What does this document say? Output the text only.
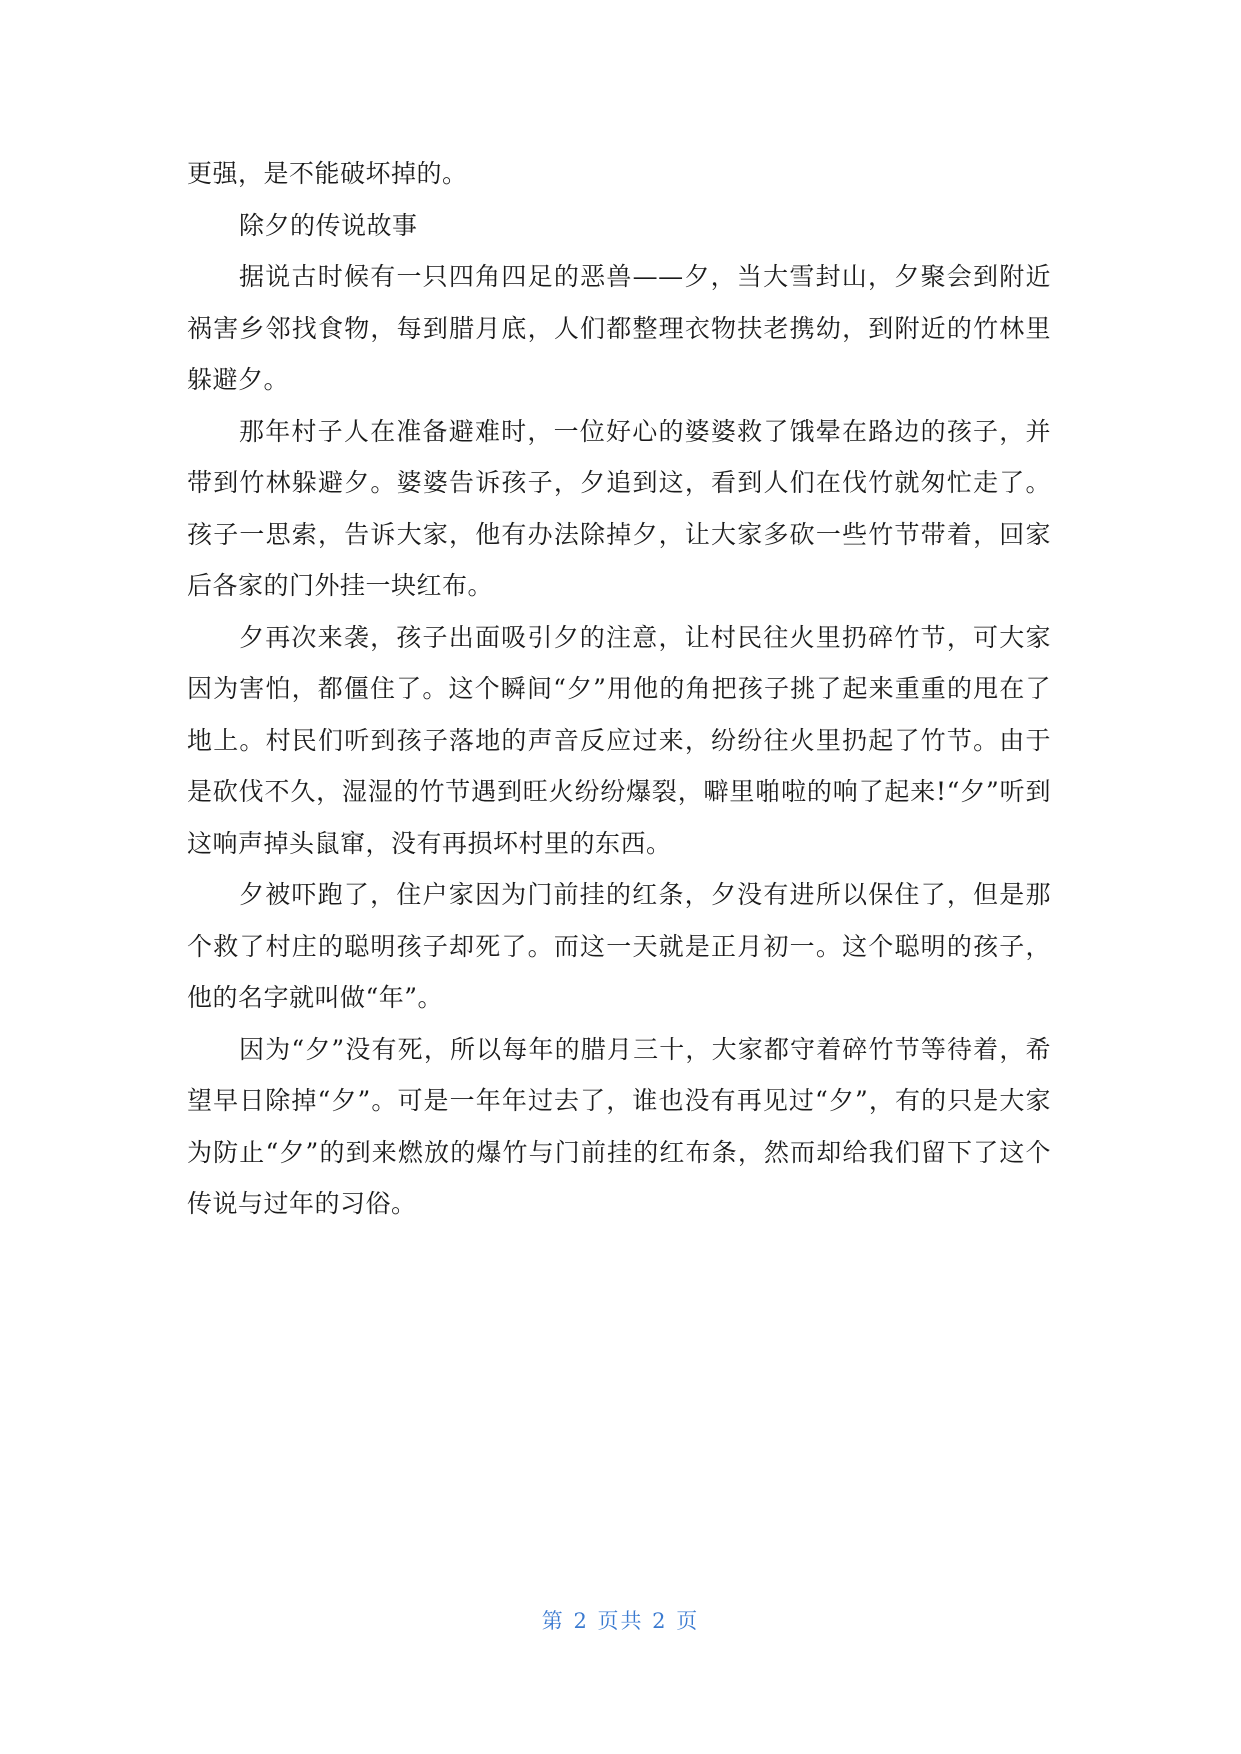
更强，是不能破坏掉的。

除夕的传说故事

据说古时候有一只四角四足的恶兽——夕，当大雪封山，夕聚会到附近祸害乡邻找食物，每到腊月底，人们都整理衣物扶老携幼，到附近的竹林里躲避夕。

那年村子人在准备避难时，一位好心的婆婆救了饿晕在路边的孩子，并带到竹林躲避夕。婆婆告诉孩子，夕追到这，看到人们在伐竹就匆忙走了。孩子一思索，告诉大家，他有办法除掉夕，让大家多砍一些竹节带着，回家后各家的门外挂一块红布。

夕再次来袭，孩子出面吸引夕的注意，让村民往火里扔碎竹节，可大家因为害怕，都僵住了。这个瞬间“夕”用他的角把孩子挑了起来重重的甩在了地上。村民们听到孩子落地的声音反应过来，纷纷往火里扔起了竹节。由于是砍伐不久，湿湿的竹节遇到旺火纷纷爆裂，噼里啪啦的响了起来!“夕”听到这响声掉头鼠窜，没有再损坏村里的东西。

夕被吓跑了，住户家因为门前挂的红条，夕没有进所以保住了，但是那个救了村庄的聪明孩子却死了。而这一天就是正月初一。这个聪明的孩子，他的名字就叫做“年”。

因为“夕”没有死，所以每年的腊月三十，大家都守着碎竹节等待着，希望早日除掉“夕”。可是一年年过去了，谁也没有再见过“夕”，有的只是大家为防止“夕”的到来燃放的爆竹与门前挂的红布条，然而却给我们留下了这个传说与过年的习俗。

第 2 页共 2 页
